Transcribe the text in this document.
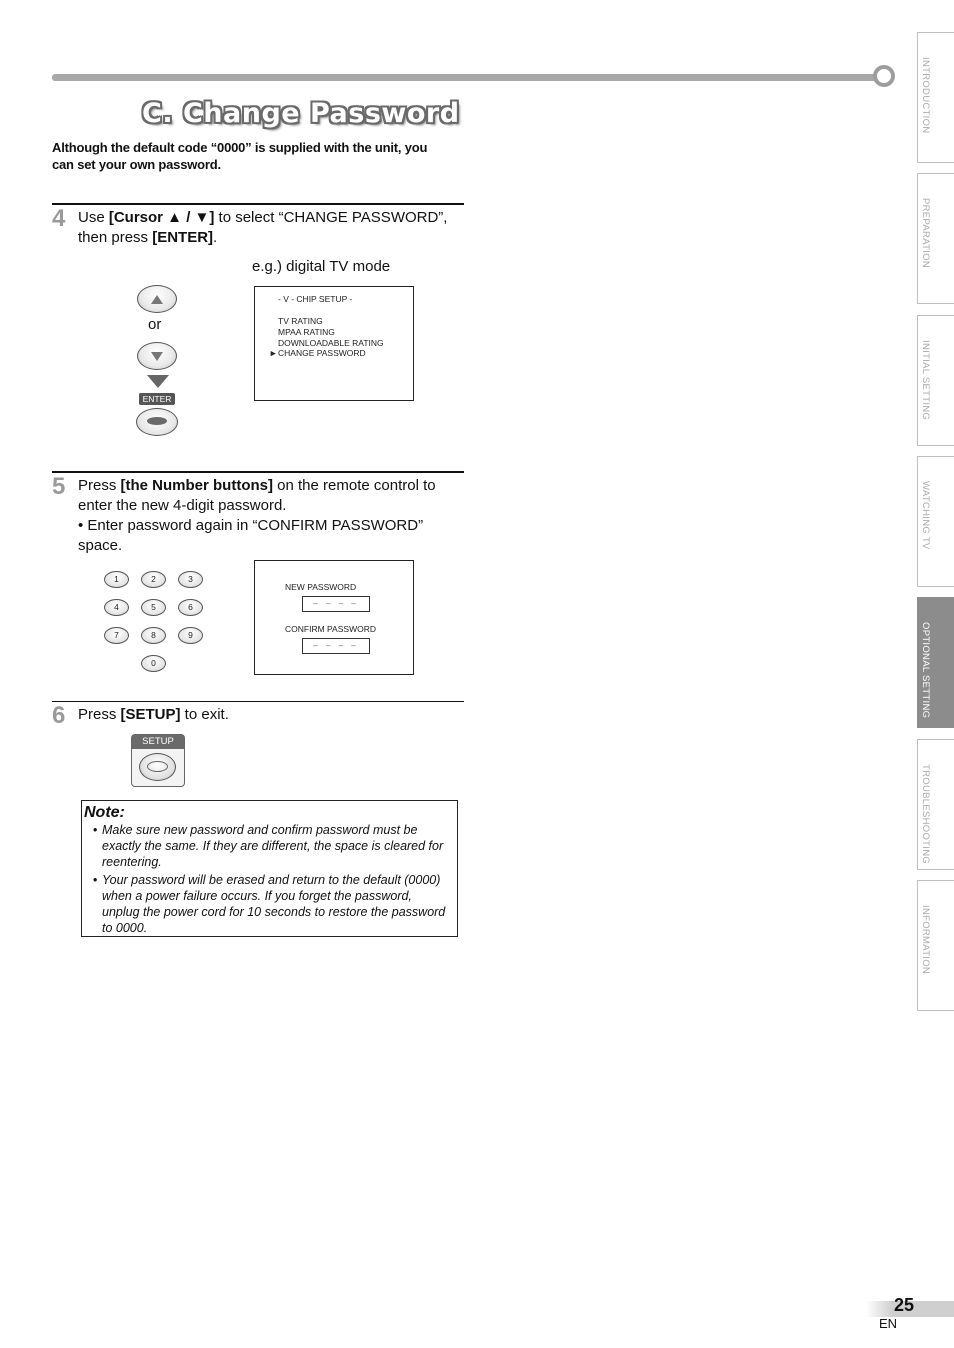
C. Change Password
Although the default code “0000” is supplied with the unit, you can set your own password.
4 Use [Cursor ▲ / ▼] to select “CHANGE PASSWORD”, then press [ENTER].
e.g.) digital TV mode
or
ENTER
- V - CHIP SETUP -
TV RATING
MPAA RATING
DOWNLOADABLE RATING
► CHANGE PASSWORD
5 Press [the Number buttons] on the remote control to enter the new 4-digit password.
• Enter password again in “CONFIRM PASSWORD” space.
1	2	3
4	5	6
7	8	9
0
NEW PASSWORD
– – – –
CONFIRM PASSWORD
– – – –
6 Press [SETUP] to exit.
SETUP
Note:
• Make sure new password and confirm password must be exactly the same. If they are different, the space is cleared for reentering.
• Your password will be erased and return to the default (0000) when a power failure occurs. If you forget the password, unplug the power cord for 10 seconds to restore the password to 0000.
INTRODUCTION
PREPARATION
INITIAL SETTING
WATCHING TV
OPTIONAL SETTING
TROUBLESHOOTING
INFORMATION
25
EN
